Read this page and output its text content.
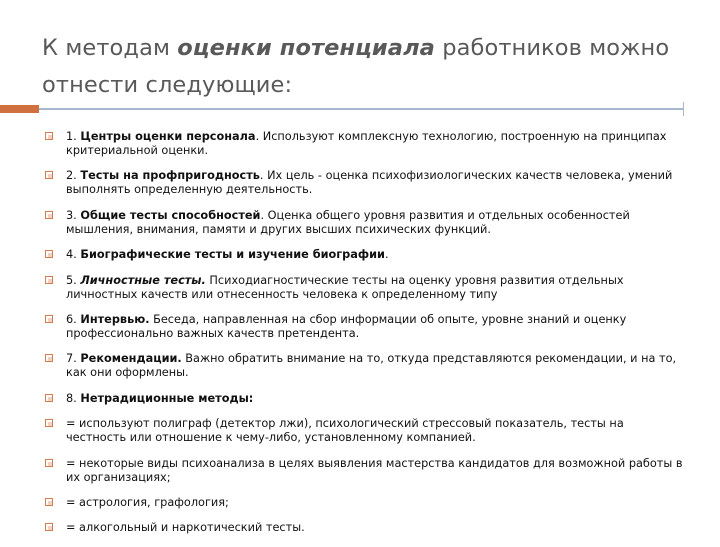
К методам оценки потенциала работников можно отнести следующие:
1. Центры оценки персонала. Используют комплексную технологию, построенную на принципах критериальной оценки.
2. Тесты на профпригодность. Их цель - оценка психофизиологических качеств человека, умений выполнять определенную деятельность.
3. Общие тесты способностей. Оценка общего уровня развития и отдельных особенностей мышления, внимания, памяти и других высших психических функций.
4. Биографические тесты и изучение биографии.
5. Личностные тесты. Психодиагностические тесты на оценку уровня развития отдельных личностных качеств или отнесенность человека к определенному типу
6. Интервью. Беседа, направленная на сбор информации об опыте, уровне знаний и оценку профессионально важных качеств претендента.
7. Рекомендации. Важно обратить внимание на то, откуда представляются рекомендации, и на то, как они оформлены.
8. Нетрадиционные методы:
= используют полиграф (детектор лжи), психологический стрессовый показатель, тесты на честность или отношение к чему-либо, установленному компанией.
= некоторые виды психоанализа в целях выявления мастерства кандидатов для возможной работы в их организациях;
= астрология, графология;
= алкогольный и наркотический тесты.
